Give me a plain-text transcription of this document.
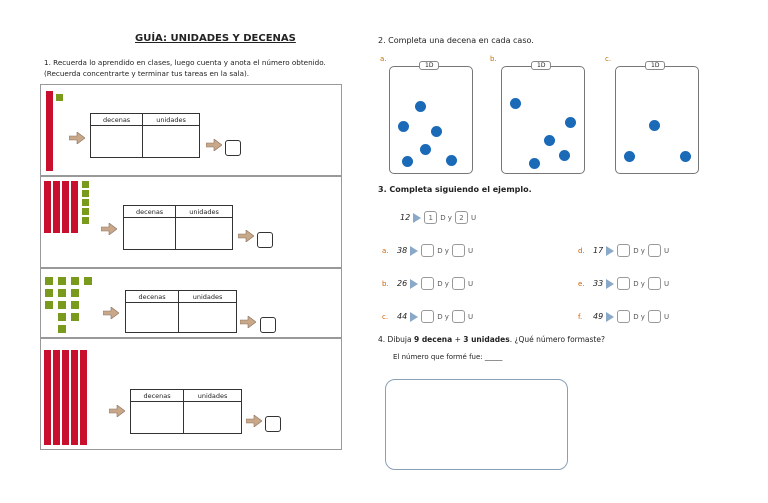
GUÍA: UNIDADES Y DECENAS
1. Recuerda lo aprendido en clases, luego cuenta y anota el número obtenido.
(Recuerda concentrarte y terminar tus tareas en la sala).
decenas	unidades

decenas	unidades

decenas	unidades

decenas	unidades

2. Completa una decena en cada caso.
a.	b.	c.
1D	1D	1D
3. Completa siguiendo el ejemplo.
12	1	D y	2	U
a.	38	D y	U
b.	26	D y	U
c.	44	D y	U
d.	17	D y	U
e.	33	D y	U
f.	49	D y	U
4. Dibuja 9 decena + 3 unidades. ¿Qué número formaste?
El número que formé fue: _____
